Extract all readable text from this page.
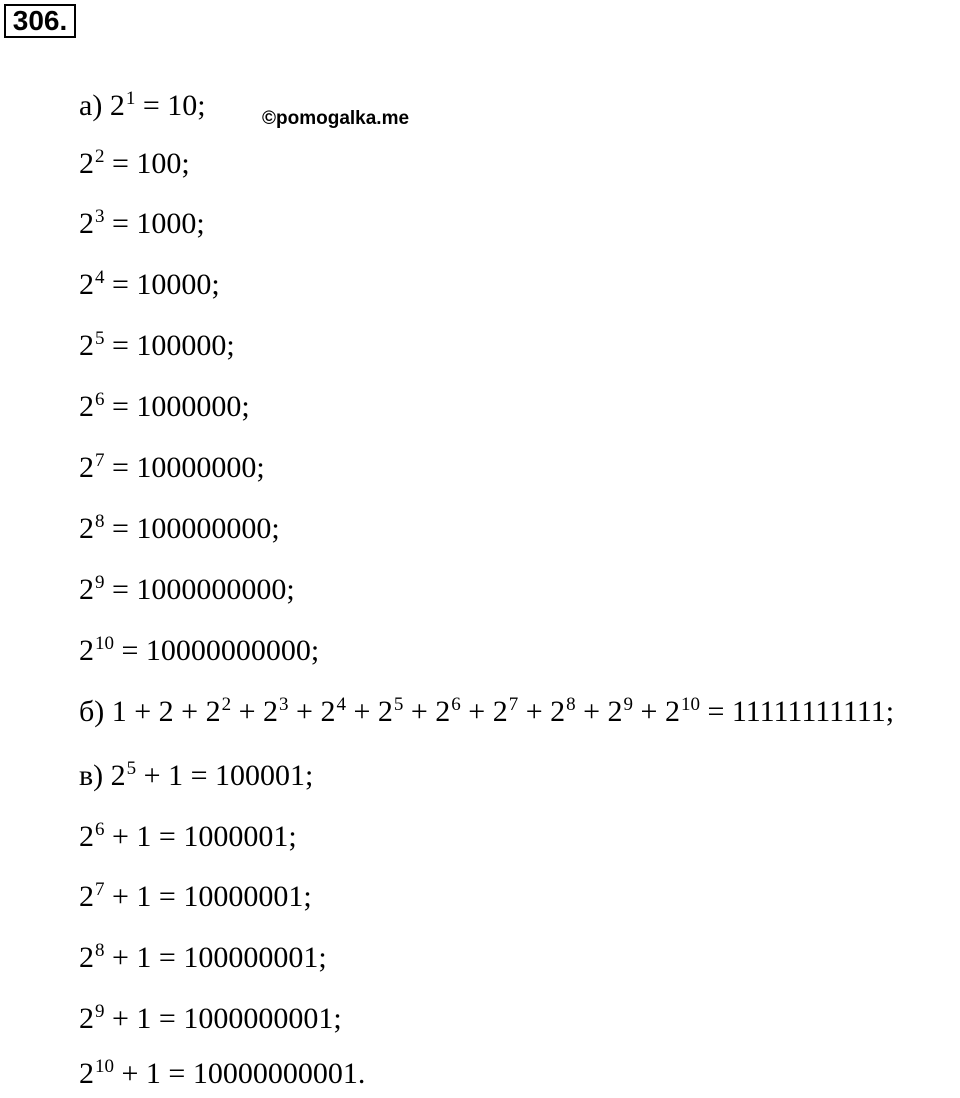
306.
©pomogalka.me
а) $2^1 = 10$;
$2^2 = 100$;
$2^3 = 1000$;
$2^4 = 10000$;
$2^5 = 100000$;
$2^6 = 1000000$;
$2^7 = 10000000$;
$2^8 = 100000000$;
$2^9 = 1000000000$;
$2^{10} = 10000000000$;
б) $1 + 2 + 2^2 + 2^3 + 2^4 + 2^5 + 2^6 + 2^7 + 2^8 + 2^9 + 2^{10} = 11111111111$;
в) $2^5 + 1 = 100001$;
$2^6 + 1 = 1000001$;
$2^7 + 1 = 10000001$;
$2^8 + 1 = 100000001$;
$2^9 + 1 = 1000000001$;
$2^{10} + 1 = 10000000001$.
